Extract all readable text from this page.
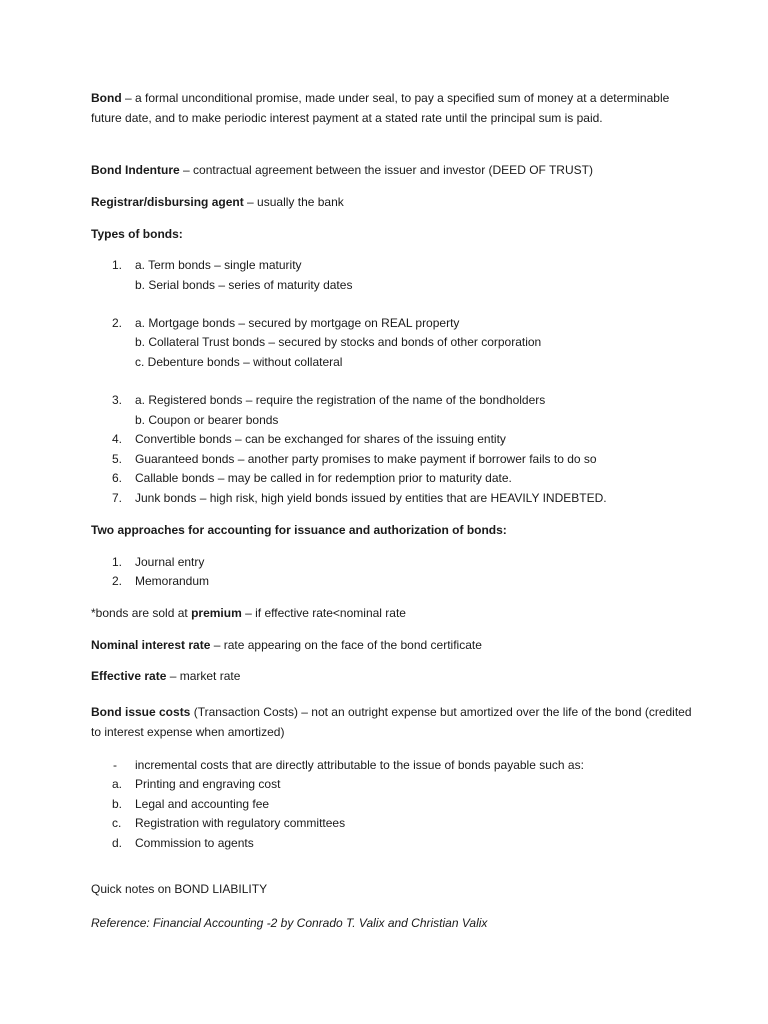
Bond – a formal unconditional promise, made under seal, to pay a specified sum of money at a determinable future date, and to make periodic interest payment at a stated rate until the principal sum is paid.
Bond Indenture – contractual agreement between the issuer and investor (DEED OF TRUST)
Registrar/disbursing agent – usually the bank
Types of bonds:
1. a. Term bonds – single maturity
b. Serial bonds – series of maturity dates
2. a. Mortgage bonds – secured by mortgage on REAL property
b. Collateral Trust bonds – secured by stocks and bonds of other corporation
c. Debenture bonds – without collateral
3. a. Registered bonds – require the registration of the name of the bondholders
b. Coupon or bearer bonds
4. Convertible bonds – can be exchanged for shares of the issuing entity
5. Guaranteed bonds – another party promises to make payment if borrower fails to do so
6. Callable bonds – may be called in for redemption prior to maturity date.
7. Junk bonds – high risk, high yield bonds issued by entities that are HEAVILY INDEBTED.
Two approaches for accounting for issuance and authorization of bonds:
1. Journal entry
2. Memorandum
*bonds are sold at premium – if effective rate<nominal rate
Nominal interest rate – rate appearing on the face of the bond certificate
Effective rate – market rate
Bond issue costs (Transaction Costs) – not an outright expense but amortized over the life of the bond (credited to interest expense when amortized)
- incremental costs that are directly attributable to the issue of bonds payable such as:
a. Printing and engraving cost
b. Legal and accounting fee
c. Registration with regulatory committees
d. Commission to agents
Quick notes on BOND LIABILITY
Reference: Financial Accounting -2 by Conrado T. Valix and Christian Valix
